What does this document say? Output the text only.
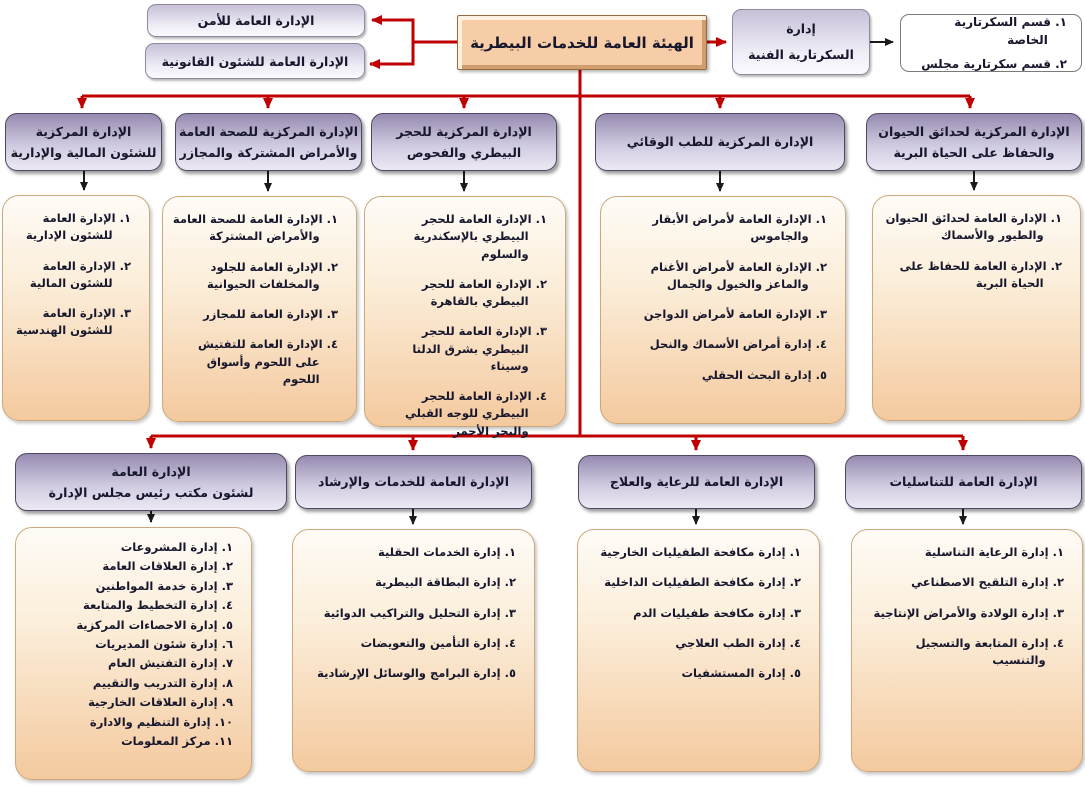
الإدارة العامة للأمن
الإدارة العامة للشئون القانونية
الهيئة العامة للخدمات البيطرية
إدارة
السكرتارية الفنية
١. قسم السكرتارية الخاصة
٢. قسم سكرتارية مجلس
الإدارة المركزية
للشئون المالية والإدارية
الإدارة المركزية للصحة العامة
والأمراض المشتركة والمجازر
الإدارة المركزية للحجر
البيطري والفحوص
الإدارة المركزية للطب الوقائي
الإدارة المركزية لحدائق الحيوان
والحفاظ على الحياة البرية
١. الإدارة العامة للشئون الإدارية
٢. الإدارة العامة للشئون المالية
٣. الإدارة العامة للشئون الهندسية
١. الإدارة العامة للصحة العامة والأمراض المشتركة
٢. الإدارة العامة للجلود والمخلفات الحيوانية
٣. الإدارة العامة للمجازر
٤. الإدارة العامة للتفتيش على اللحوم وأسواق اللحوم
١. الإدارة العامة للحجر البيطري بالإسكندرية والسلوم
٢. الإدارة العامة للحجر البيطري بالقاهرة
٣. الإدارة العامة للحجر البيطري بشرق الدلتا وسيناء
٤. الإدارة العامة للحجر البيطري للوجه القبلي والبحر الأحمر
١. الإدارة العامة لأمراض الأبقار والجاموس
٢. الإدارة العامة لأمراض الأغنام والماعز والخيول والجمال
٣. الإدارة العامة لأمراض الدواجن
٤. إدارة أمراض الأسماك والنحل
٥. إدارة البحث الحقلي
١. الإدارة العامة لحدائق الحيوان والطيور والأسماك
٢. الإدارة العامة للحفاظ على الحياة البرية
الإدارة العامة
لشئون مكتب رئيس مجلس الإدارة
الإدارة العامة للخدمات والإرشاد	الإدارة العامة للرعاية والعلاج	الإدارة العامة للتناسليات
١. إدارة المشروعات
٢. إدارة العلاقات العامة
٣. إدارة خدمة المواطنين
٤. إدارة التخطيط والمتابعة
٥. إدارة الاحصاءات المركزية
٦. إدارة شئون المديريات
٧. إدارة التفتيش العام
٨. إدارة التدريب والتقييم
٩. إدارة العلاقات الخارجية
١٠. إدارة التنظيم والادارة
١١. مركز المعلومات
١. إدارة الخدمات الحقلية
٢. إدارة البطاقة البيطرية
٣. إدارة التحليل والتراكيب الدوائية
٤. إدارة التأمين والتعويضات
٥. إدارة البرامج والوسائل الإرشادية
١. إدارة مكافحة الطفيليات الخارجية
٢. إدارة مكافحة الطفيليات الداخلية
٣. إدارة مكافحة طفيليات الدم
٤. إدارة الطب العلاجي
٥. إدارة المستشفيات
١. إدارة الرعاية التناسلية
٢. إدارة التلقيح الاصطناعي
٣. إدارة الولادة والأمراض الإنتاجية
٤. إدارة المتابعة والتسجيل والتنسيب
